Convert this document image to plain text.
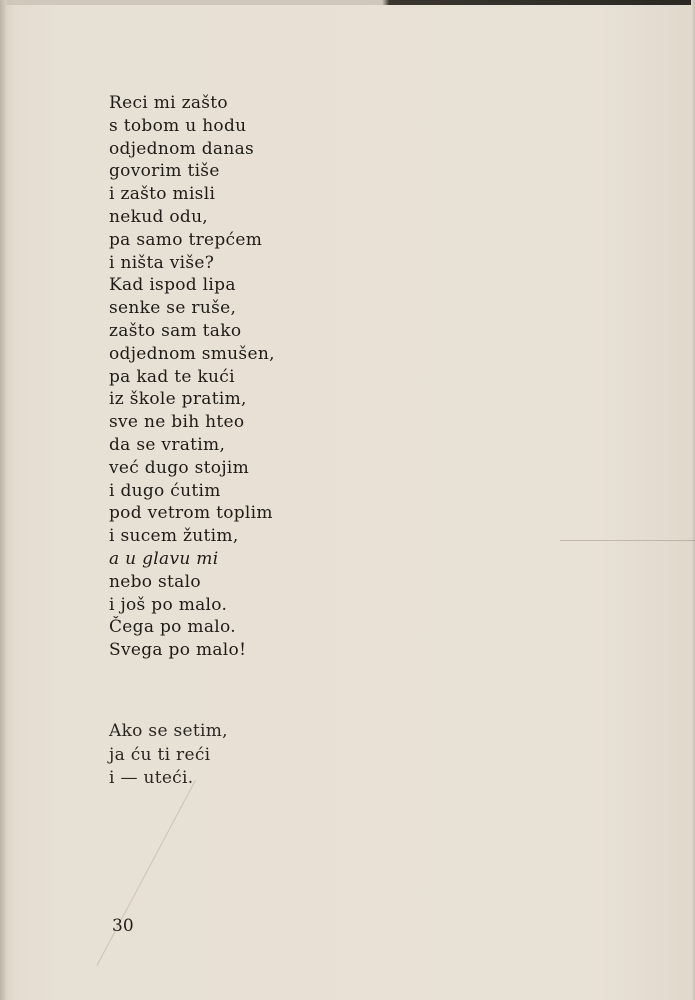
Reci mi zašto
s tobom u hodu
odjednom danas
govorim tiše
i zašto misli
nekud odu,
pa samo trepćem
i ništa više?
Kad ispod lipa
senke se ruše,
zašto sam tako
odjednom smušen,
pa kad te kući
iz škole pratim,
sve ne bih hteo
da se vratim,
već dugo stojim
i dugo ćutim
pod vetrom toplim
i sucem žutim,
a u glavu mi
nebo stalo
i još po malo.
Čega po malo.
Svega po malo!
Ako se setim,
ja ću ti reći
i — uteći.
30
